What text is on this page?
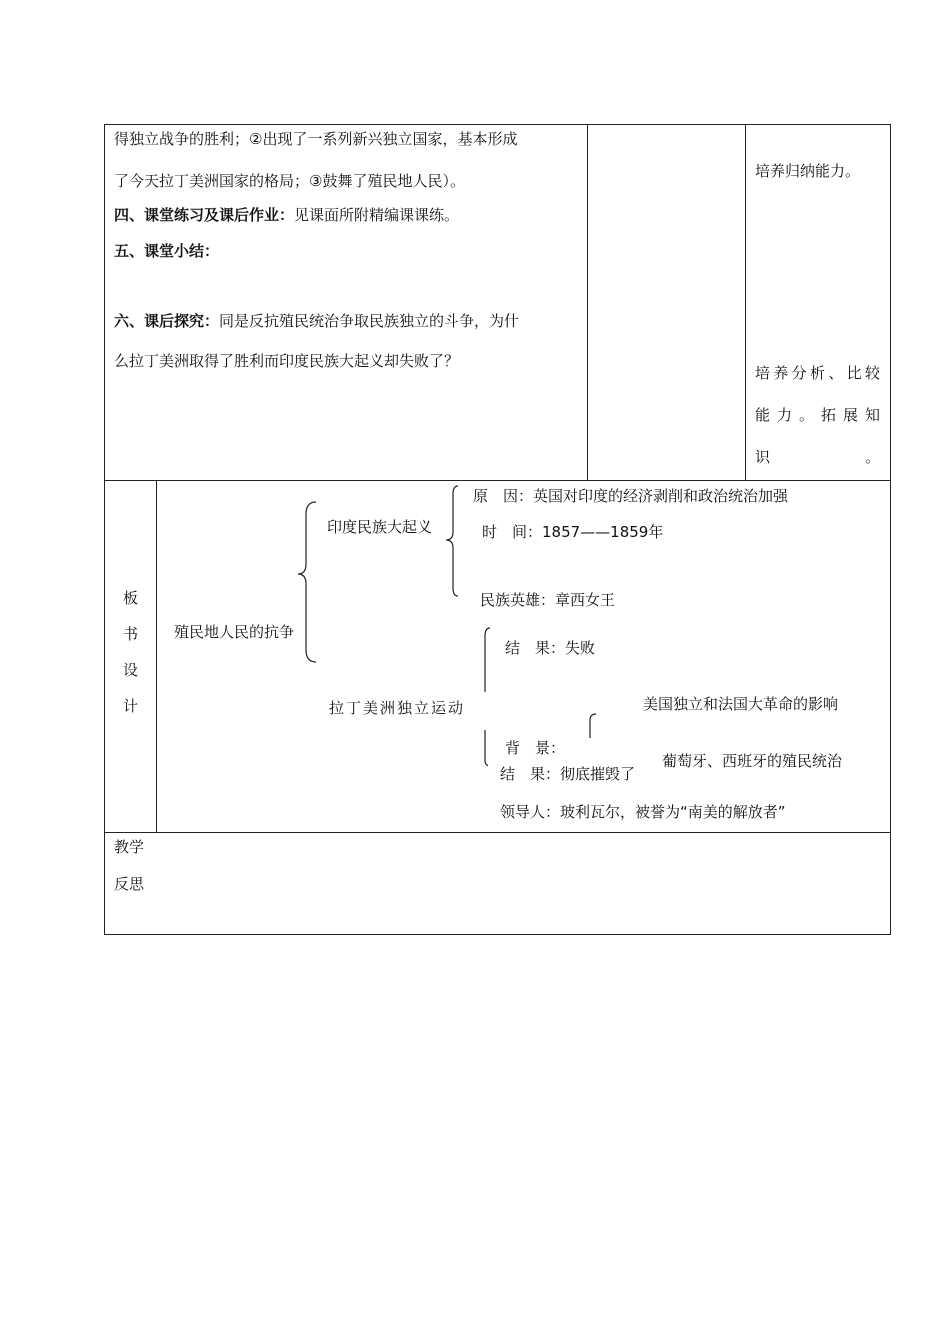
得独立战争的胜利；②出现了一系列新兴独立国家，基本形成
了今天拉丁美洲国家的格局；③鼓舞了殖民地人民）。
四、课堂练习及课后作业：见课面所附精编课课练。
五、课堂小结：
六、课后探究：同是反抗殖民统治争取民族独立的斗争，为什
么拉丁美洲取得了胜利而印度民族大起义却失败了？
培养归纳能力。
培养分析、比较能力。拓展知识。
板
书
设
计
殖民地人民的抗争
印度民族大起义
原　因：英国对印度的经济剥削和政治统治加强
时　间：1857——1859年
民族英雄：章西女王
拉丁美洲独立运动
结　果：失败
背　景：
美国独立和法国大革命的影响
结　果：彻底摧毁了
葡萄牙、西班牙的殖民统治
领导人：玻利瓦尔，被誉为“南美的解放者”
教学
反思
